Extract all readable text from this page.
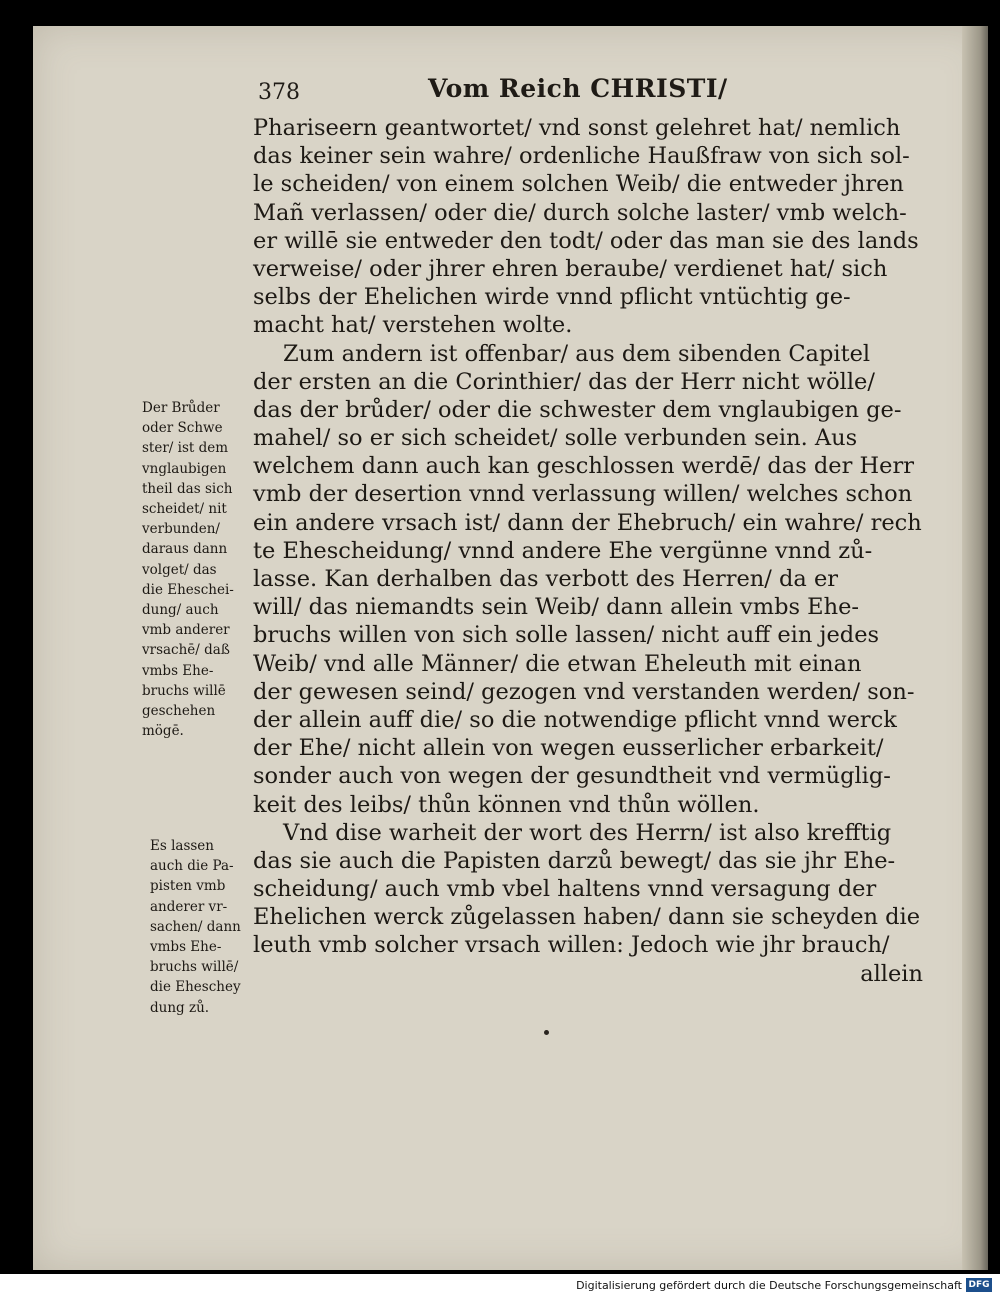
378	Vom Reich CHRISTI/
Phariseern geantwortet/ vnd sonst gelehret hat/ nemlich
das keiner sein wahre/ ordenliche Haußfraw von sich sol-
le scheiden/ von einem solchen Weib/ die entweder jhren
Mañ verlassen/ oder die/ durch solche laster/ vmb welch-
er willē sie entweder den todt/ oder das man sie des lands
verweise/ oder jhrer ehren beraube/ verdienet hat/ sich
selbs der Ehelichen wirde vnnd pflicht vntüchtig ge-
macht hat/ verstehen wolte.
Zum andern ist offenbar/ aus dem sibenden Capitel
der ersten an die Corinthier/ das der Herr nicht wölle/
das der brůder/ oder die schwester dem vnglaubigen ge-
mahel/ so er sich scheidet/ solle verbunden sein. Aus
welchem dann auch kan geschlossen werdē/ das der Herr
vmb der desertion vnnd verlassung willen/ welches schon
ein andere vrsach ist/ dann der Ehebruch/ ein wahre/ rech
te Ehescheidung/ vnnd andere Ehe vergünne vnnd zů-
lasse. Kan derhalben das verbott des Herren/ da er
will/ das niemandts sein Weib/ dann allein vmbs Ehe-
bruchs willen von sich solle lassen/ nicht auff ein jedes
Weib/ vnd alle Männer/ die etwan Eheleuth mit einan
der gewesen seind/ gezogen vnd verstanden werden/ son-
der allein auff die/ so die notwendige pflicht vnnd werck
der Ehe/ nicht allein von wegen eusserlicher erbarkeit/
sonder auch von wegen der gesundtheit vnd vermüglig-
keit des leibs/ thůn können vnd thůn wöllen.
Vnd dise warheit der wort des Herrn/ ist also krefftig
das sie auch die Papisten darzů bewegt/ das sie jhr Ehe-
scheidung/ auch vmb vbel haltens vnnd versagung der
Ehelichen werck zůgelassen haben/ dann sie scheyden die
leuth vmb solcher vrsach willen: Jedoch wie jhr brauch/
allein
Der Brůder
oder Schwe
ster/ ist dem
vnglaubigen
theil das sich
scheidet/ nit
verbunden/
daraus dann
volget/ das
die Eheschei-
dung/ auch
vmb anderer
vrsachē/ daß
vmbs Ehe-
bruchs willē
geschehen
mögē.
Es lassen
auch die Pa-
pisten vmb
anderer vr-
sachen/ dann
vmbs Ehe-
bruchs willē/
die Eheschey
dung zů.
Digitalisierung gefördert durch die Deutsche Forschungsgemeinschaft DFG
